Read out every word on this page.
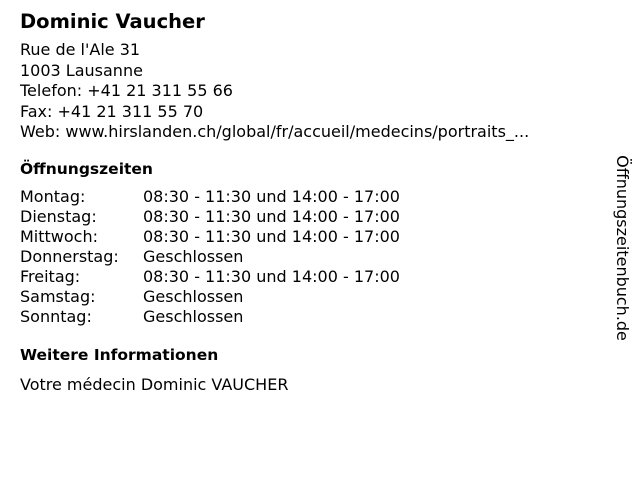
Dominic Vaucher
Rue de l'Ale 31
1003 Lausanne
Telefon: +41 21 311 55 66
Fax: +41 21 311 55 70
Web: www.hirslanden.ch/global/fr/accueil/medecins/portraits_...
Öffnungszeiten
Montag:	08:30 - 11:30 und 14:00 - 17:00
Dienstag:	08:30 - 11:30 und 14:00 - 17:00
Mittwoch:	08:30 - 11:30 und 14:00 - 17:00
Donnerstag:	Geschlossen
Freitag:	08:30 - 11:30 und 14:00 - 17:00
Samstag:	Geschlossen
Sonntag:	Geschlossen
Weitere Informationen
Votre médecin Dominic VAUCHER
Öffnungszeitenbuch.de
